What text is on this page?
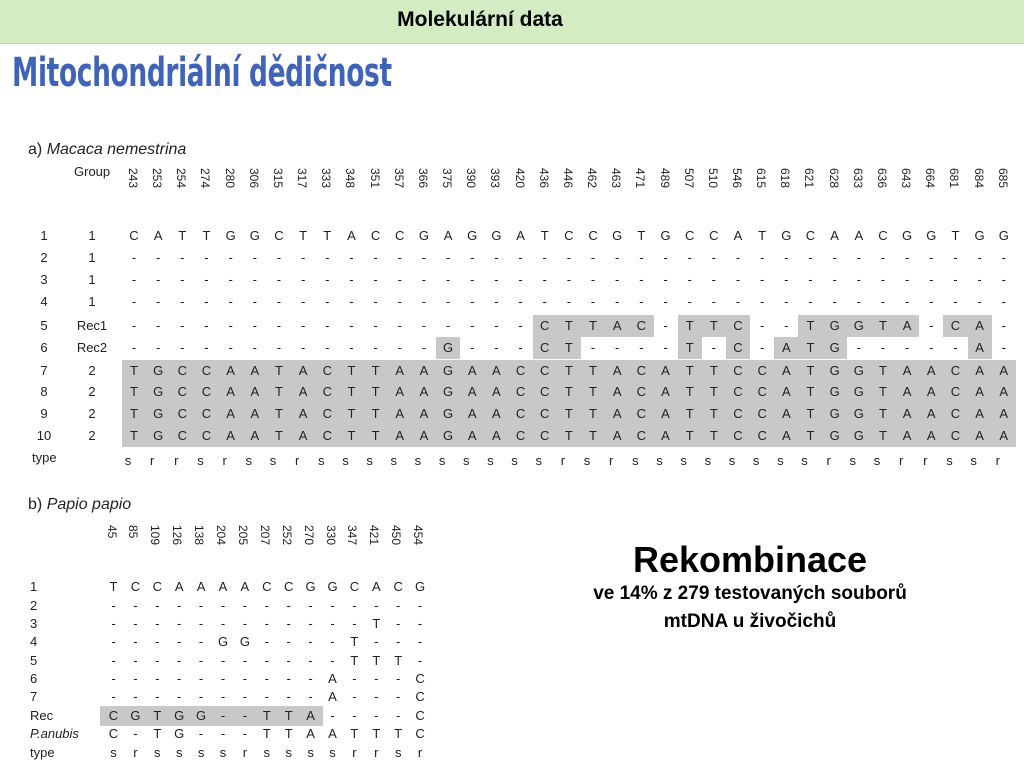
Molekulární data
Mitochondriální dědičnost
a) Macaca nemestrina
Group
b) Papio papio
243 253 254 274 280 306 315 317 333 348 351 357 366 375 390 393 420 436 446 462 463 471 489 507 510 546 615 618 621 628 633 636 643 664 681 684 685
1	1	C	A	T	T	G	G	C	T	T	A	C	C	G	A	G	G	A	T	C	C	G	T	G	C	C	A	T	G	C	A	A	C	G	G	T	G	G
2	1	-	-	-	-	-	-	-	-	-	-	-	-	-	-	-	-	-	-	-	-	-	-	-	-	-	-	-	-	-	-	-	-	-	-	-	-	-
3	1	-	-	-	-	-	-	-	-	-	-	-	-	-	-	-	-	-	-	-	-	-	-	-	-	-	-	-	-	-	-	-	-	-	-	-	-	-
4	1	-	-	-	-	-	-	-	-	-	-	-	-	-	-	-	-	-	-	-	-	-	-	-	-	-	-	-	-	-	-	-	-	-	-	-	-	-
5	Rec1	-	-	-	-	-	-	-	-	-	-	-	-	-	-	-	-	-	C	T	T	A	C	-	T	T	C	-	-	T	G	G	T	A	-	C	A	-
6	Rec2	-	-	-	-	-	-	-	-	-	-	-	-	-	G	-	-	-	C	T	-	-	-	-	T	-	C	-	A	T	G	-	-	-	-	-	A	-
7	2	T	G	C	C	A	A	T	A	C	T	T	A	A	G	A	A	C	C	T	T	A	C	A	T	T	C	C	A	T	G	G	T	A	A	C	A	A
8	2	T	G	C	C	A	A	T	A	C	T	T	A	A	G	A	A	C	C	T	T	A	C	A	T	T	C	C	A	T	G	G	T	A	A	C	A	A
9	2	T	G	C	C	A	A	T	A	C	T	T	A	A	G	A	A	C	C	T	T	A	C	A	T	T	C	C	A	T	G	G	T	A	A	C	A	A
10	2	T	G	C	C	A	A	T	A	C	T	T	A	A	G	A	A	C	C	T	T	A	C	A	T	T	C	C	A	T	G	G	T	A	A	C	A	A
type	s	r	r	s	r	s	s	r	s	s	s	s	s	s	s	s	s	s	r	s	r	s	s	s	s	s	s	s	s	r	s	s	r	r	s	s	r
45 85 109 126 138 204 205 207 252 270 330 347 421 450 454
1	T	C C A	A	A	A C C G G C A C G
2	-	-	-	-	-	-	-	-	-	-	-	-	-	-	-
3	-	-	-	-	-	-	-	-	-	-	-	-	T	-	-
4	-	-	-	-	-	G G	-	-	-	-	T	-	-	-
5	-	-	-	-	-	-	-	-	-	-	-	T	T	T	-
6	-	-	-	-	-	-	-	-	-	-	A	-	-	-	C
7	-	-	-	-	-	-	-	-	-	-	A	-	-	-	C
Rec	C G T G G	-	-	T	T	A	-	-	-	-	C
P.anubis	C	-	T G	-	-	-	T	T	A	A	T	T	T	C
type	s	r	s	s	s	s	r	s	s	s	s	r	r	s	r
Rekombinace
ve 14% z 279 testovaných souborů
mtDNA u živočichů
